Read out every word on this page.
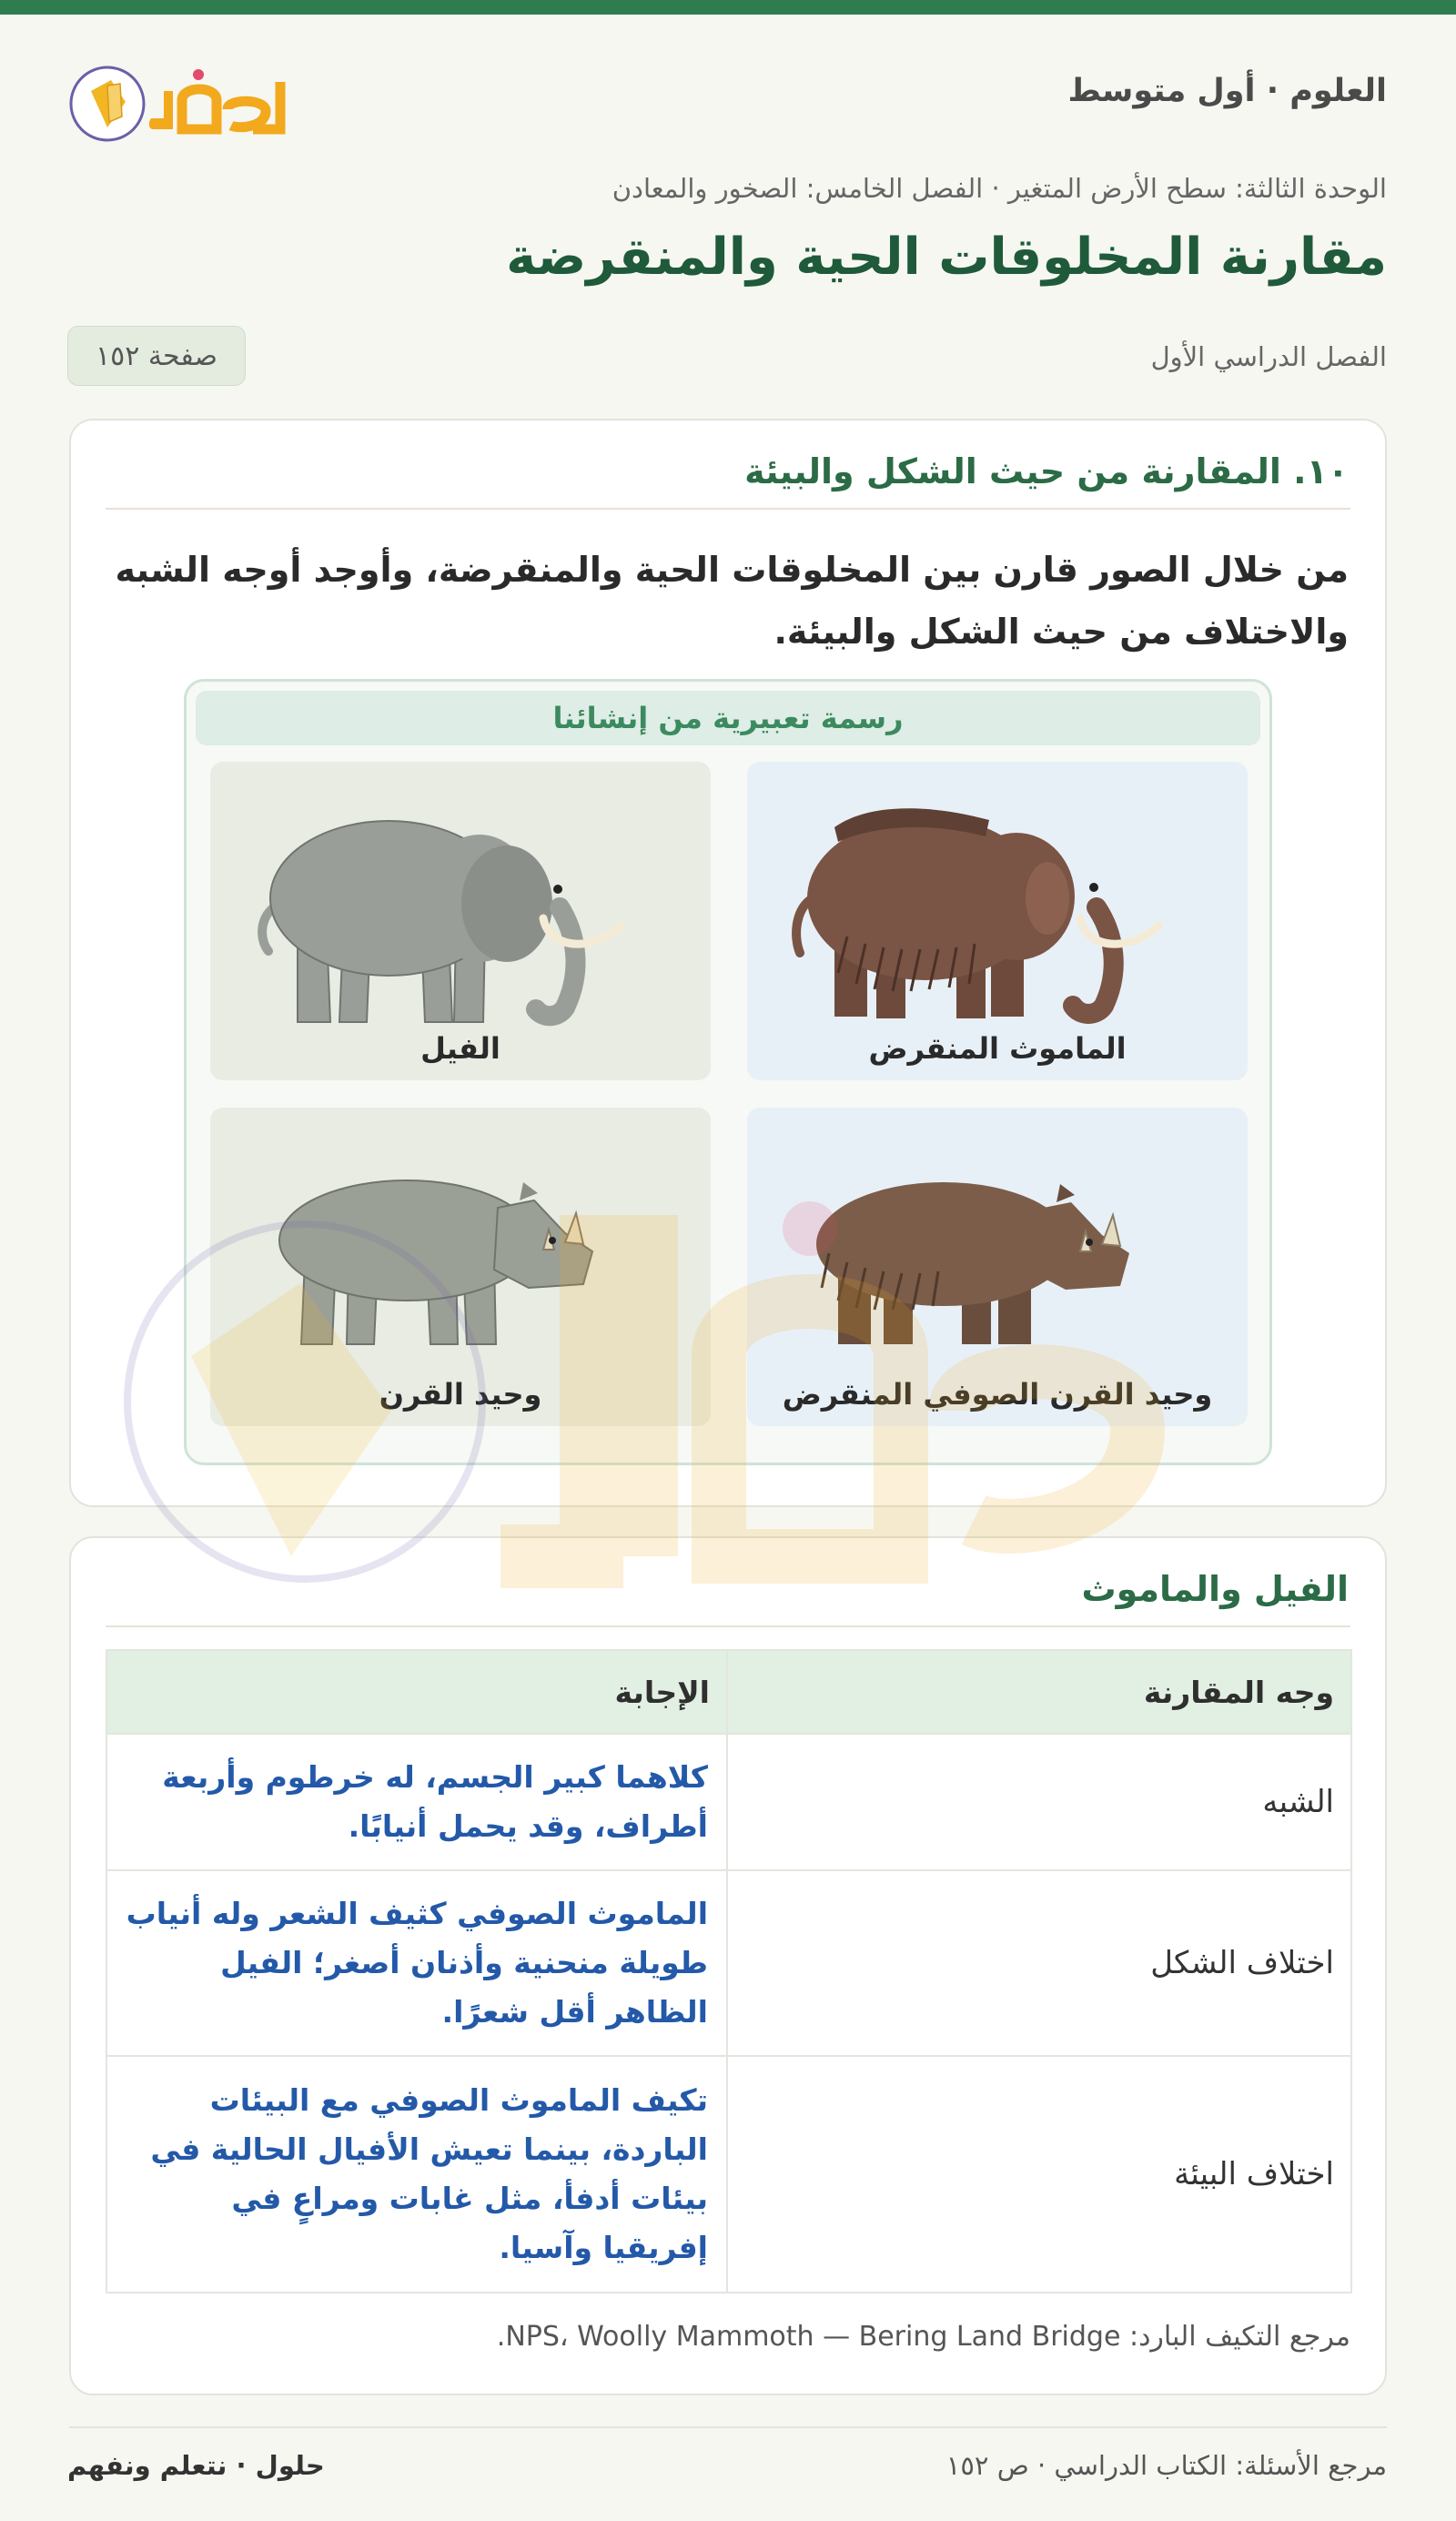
العلوم · أول متوسط
الوحدة الثالثة: سطح الأرض المتغير · الفصل الخامس: الصخور والمعادن
مقارنة المخلوقات الحية والمنقرضة
الفصل الدراسي الأول
صفحة ١٥٢
١٠. المقارنة من حيث الشكل والبيئة

من خلال الصور قارن بين المخلوقات الحية والمنقرضة، وأوجد أوجه الشبه والاختلاف من حيث الشكل والبيئة.

رسمة تعبيرية من إنشائنا
الماموث المنقرض
الفيل
وحيد القرن الصوفي المنقرض
وحيد القرن
الفيل والماموث
وجه المقارنة	الإجابة
الشبه	كلاهما كبير الجسم، له خرطوم وأربعة أطراف، وقد يحمل أنيابًا.
اختلاف الشكل	الماموث الصوفي كثيف الشعر وله أنياب طويلة منحنية وأذنان أصغر؛ الفيل الظاهر أقل شعرًا.
اختلاف البيئة	تكيف الماموث الصوفي مع البيئات الباردة، بينما تعيش الأفيال الحالية في بيئات أدفأ، مثل غابات ومراعٍ في إفريقيا وآسيا.
مرجع التكيف البارد: NPS، Woolly Mammoth — Bering Land Bridge.
مرجع الأسئلة: الكتاب الدراسي · ص ١٥٢
حلول · نتعلم ونفهم
